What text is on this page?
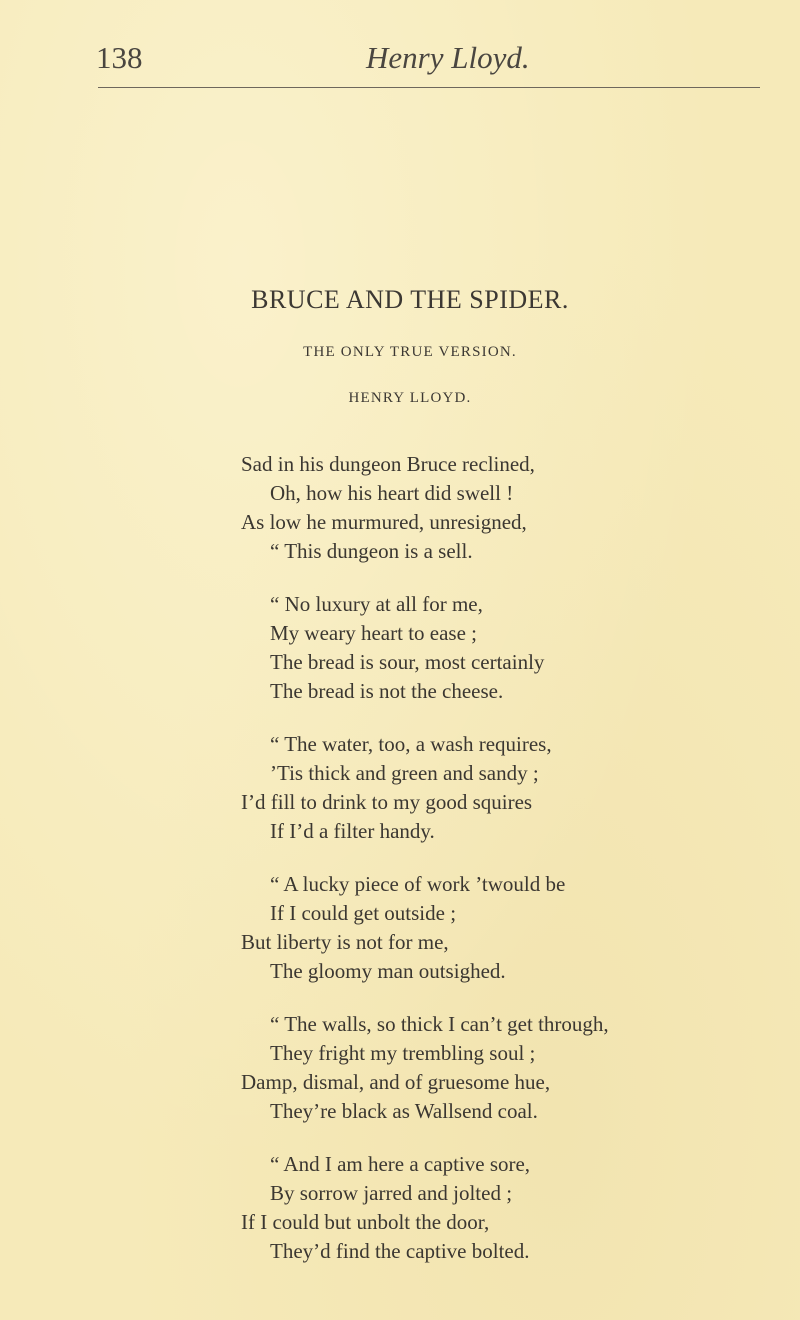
138	Henry Lloyd.
BRUCE AND THE SPIDER.
THE ONLY TRUE VERSION.
HENRY LLOYD.
Sad in his dungeon Bruce reclined,
Oh, how his heart did swell !
As low he murmured, unresigned,
“ This dungeon is a sell.
“ No luxury at all for me,
My weary heart to ease ;
The bread is sour, most certainly
The bread is not the cheese.
“ The water, too, a wash requires,
’Tis thick and green and sandy ;
I’d fill to drink to my good squires
If I’d a filter handy.
“ A lucky piece of work ’twould be
If I could get outside ;
But liberty is not for me,
The gloomy man outsighed.
“ The walls, so thick I can’t get through,
They fright my trembling soul ;
Damp, dismal, and of gruesome hue,
They’re black as Wallsend coal.
“ And I am here a captive sore,
By sorrow jarred and jolted ;
If I could but unbolt the door,
They’d find the captive bolted.
